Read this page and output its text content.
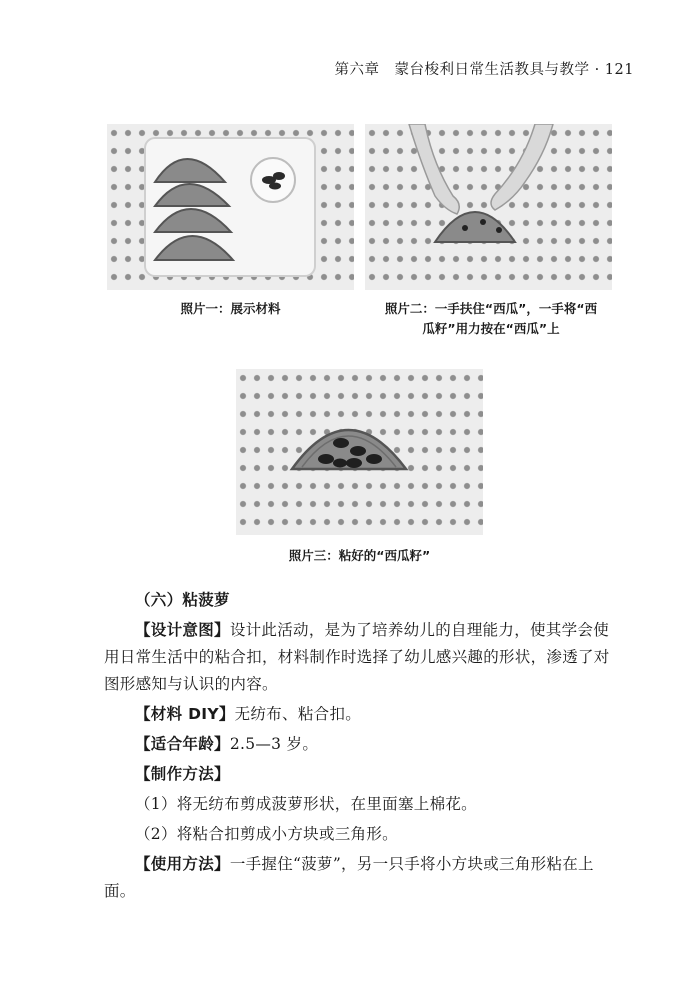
第六章　蒙台梭利日常生活教具与教学 · 121
照片一：展示材料	照片二：一手扶住“西瓜”，一手将“西
瓜籽”用力按在“西瓜”上
照片三：粘好的“西瓜籽”

（六）粘菠萝

【设计意图】设计此活动，是为了培养幼儿的自理能力，使其学会使用日常生活中的粘合扣，材料制作时选择了幼儿感兴趣的形状，渗透了对图形感知与认识的内容。

【材料 DIY】无纺布、粘合扣。

【适合年龄】2.5—3 岁。

【制作方法】

（1）将无纺布剪成菠萝形状，在里面塞上棉花。

（2）将粘合扣剪成小方块或三角形。

【使用方法】一手握住“菠萝”，另一只手将小方块或三角形粘在上面。
